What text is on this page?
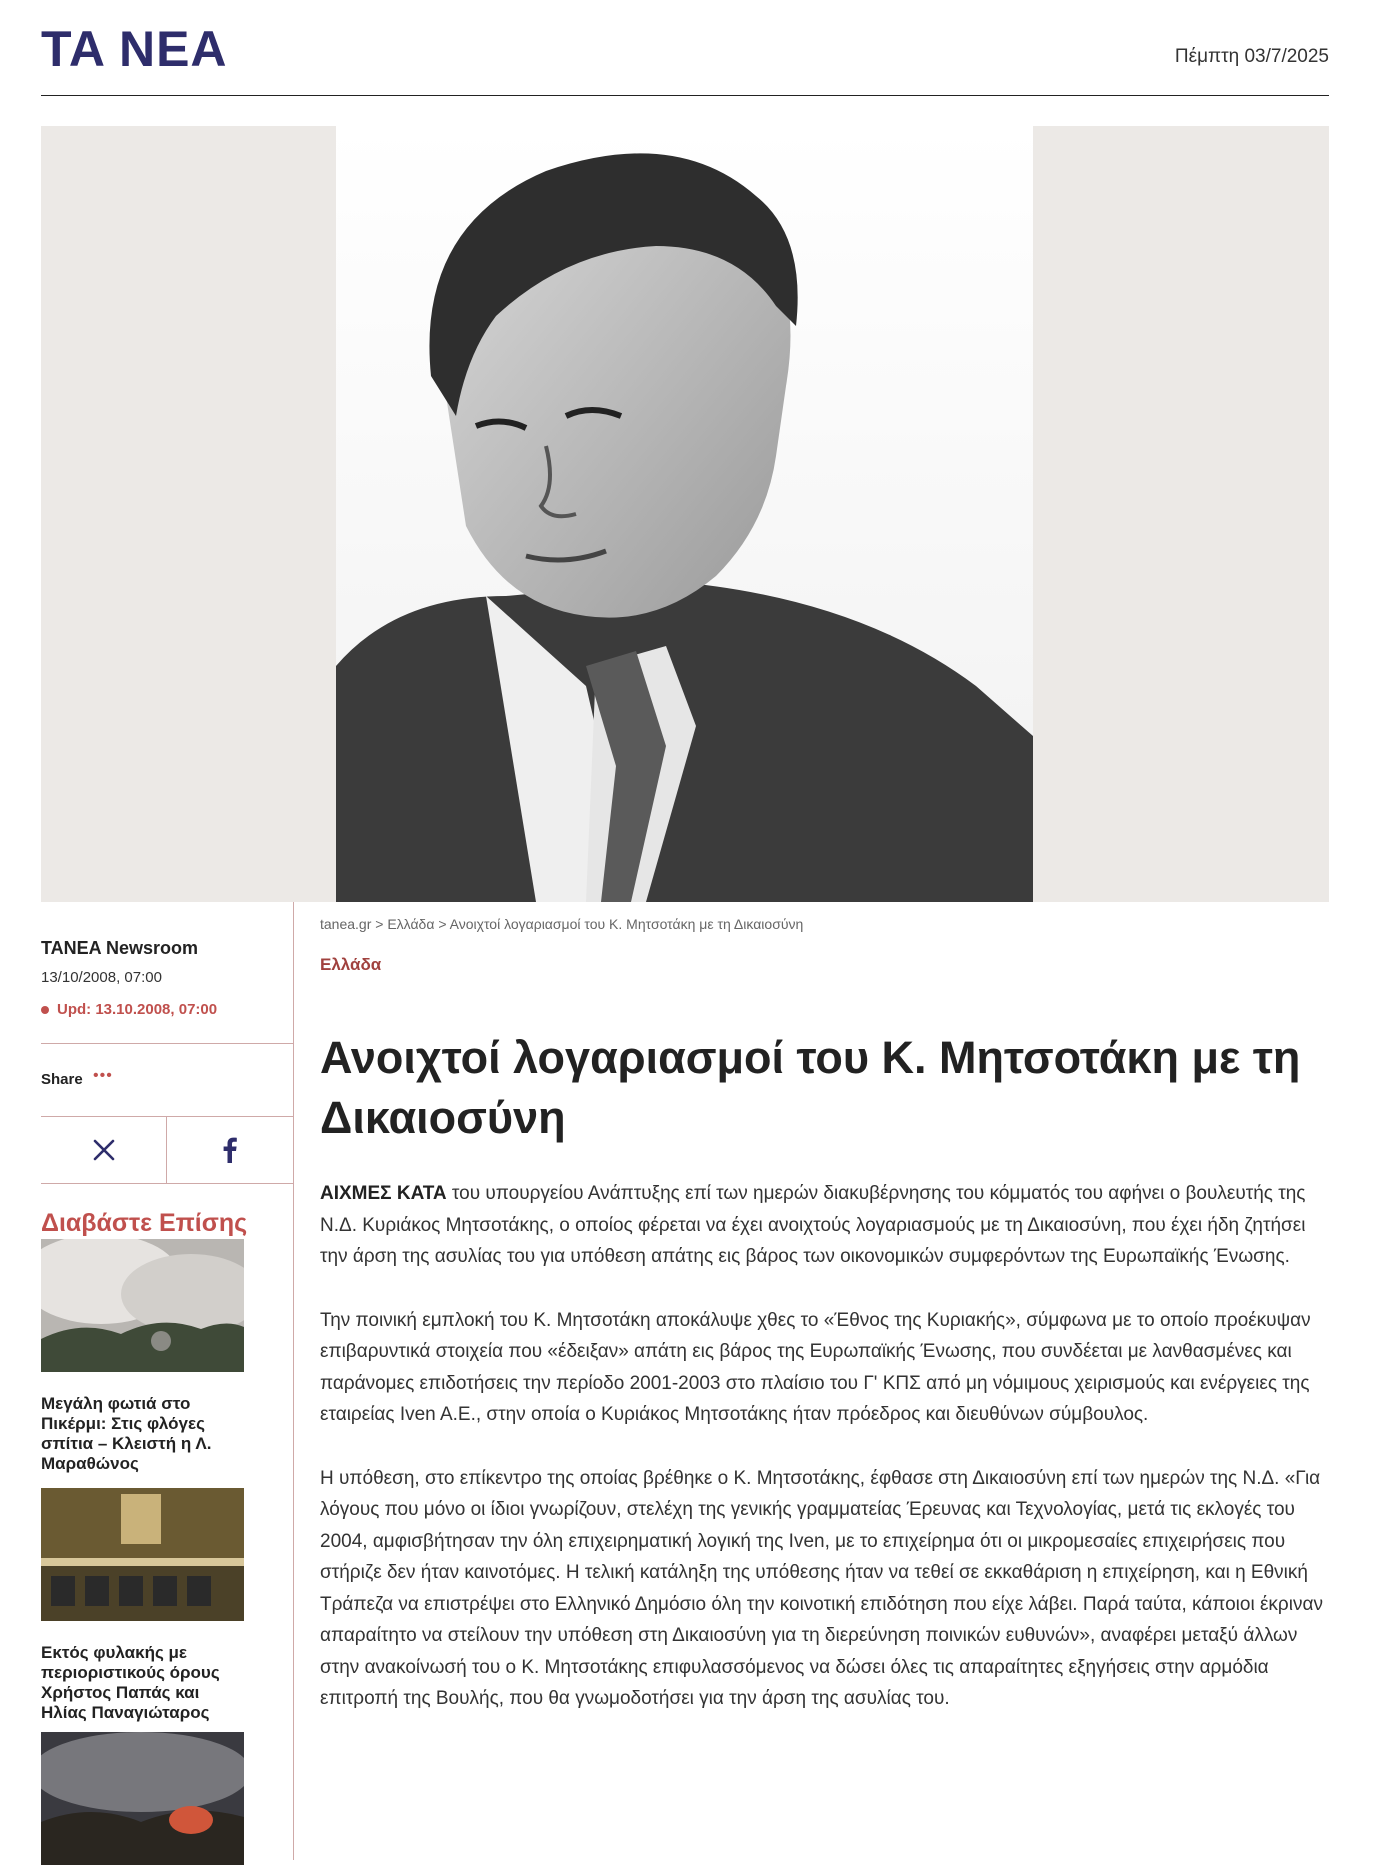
TA NEA	Πέμπτη 03/7/2025
TANEA Newsroom
13/10/2008, 07:00
Upd: 13.10.2008, 07:00
Share •••
Διαβάστε Επίσης
Μεγάλη φωτιά στο Πικέρμι: Στις φλόγες σπίτια – Κλειστή η Λ. Μαραθώνος
Εκτός φυλακής με περιοριστικούς όρους Χρήστος Παπάς και Ηλίας Παναγιώταρος
tanea.gr > Ελλάδα > Ανοιχτοί λογαριασμοί του Κ. Μητσοτάκη με τη Δικαιοσύνη
Ελλάδα
Ανοιχτοί λογαριασμοί του Κ. Μητσοτάκη με τη Δικαιοσύνη

ΑΙΧΜΕΣ ΚΑΤΑ του υπουργείου Ανάπτυξης επί των ημερών διακυβέρνησης του κόμματός του αφήνει ο βουλευτής της Ν.Δ. Κυριάκος Μητσοτάκης, ο οποίος φέρεται να έχει ανοιχτούς λογαριασμούς με τη Δικαιοσύνη, που έχει ήδη ζητήσει την άρση της ασυλίας του για υπόθεση απάτης εις βάρος των οικονομικών συμφερόντων της Ευρωπαϊκής Ένωσης.

Την ποινική εμπλοκή του Κ. Μητσοτάκη αποκάλυψε χθες το «Έθνος της Κυριακής», σύμφωνα με το οποίο προέκυψαν επιβαρυντικά στοιχεία που «έδειξαν» απάτη εις βάρος της Ευρωπαϊκής Ένωσης, που συνδέεται με λανθασμένες και παράνομες επιδοτήσεις την περίοδο 2001-2003 στο πλαίσιο του Γ' ΚΠΣ από μη νόμιμους χειρισμούς και ενέργειες της εταιρείας Iven A.E., στην οποία ο Κυριάκος Μητσοτάκης ήταν πρόεδρος και διευθύνων σύμβουλος.

Η υπόθεση, στο επίκεντρο της οποίας βρέθηκε ο Κ. Μητσοτάκης, έφθασε στη Δικαιοσύνη επί των ημερών της Ν.Δ. «Για λόγους που μόνο οι ίδιοι γνωρίζουν, στελέχη της γενικής γραμματείας Έρευνας και Τεχνολογίας, μετά τις εκλογές του 2004, αμφισβήτησαν την όλη επιχειρηματική λογική της Iven, με το επιχείρημα ότι οι μικρομεσαίες επιχειρήσεις που στήριζε δεν ήταν καινοτόμες. Η τελική κατάληξη της υπόθεσης ήταν να τεθεί σε εκκαθάριση η επιχείρηση, και η Εθνική Τράπεζα να επιστρέψει στο Ελληνικό Δημόσιο όλη την κοινοτική επιδότηση που είχε λάβει. Παρά ταύτα, κάποιοι έκριναν απαραίτητο να στείλουν την υπόθεση στη Δικαιοσύνη για τη διερεύνηση ποινικών ευθυνών», αναφέρει μεταξύ άλλων στην ανακοίνωσή του ο Κ. Μητσοτάκης επιφυλασσόμενος να δώσει όλες τις απαραίτητες εξηγήσεις στην αρμόδια επιτροπή της Βουλής, που θα γνωμοδοτήσει για την άρση της ασυλίας του.
